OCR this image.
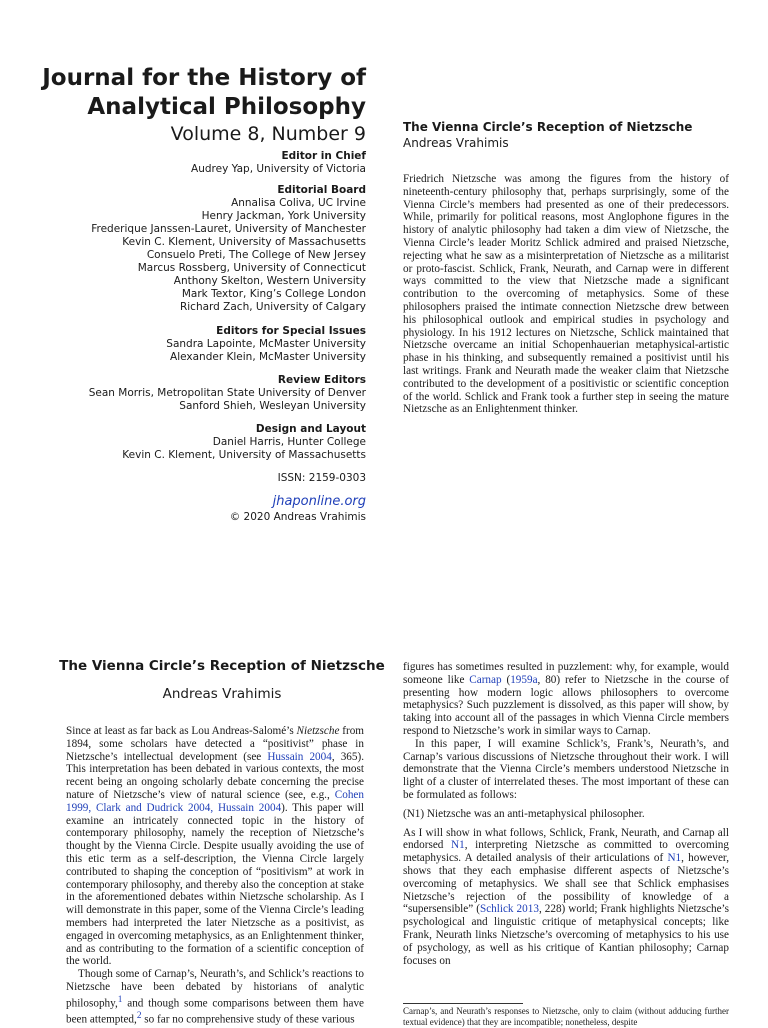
Journal for the History of
Analytical Philosophy
Volume 8, Number 9
Editor in Chief
Audrey Yap, University of Victoria
Editorial Board
Annalisa Coliva, UC Irvine
Henry Jackman, York University
Frederique Janssen-Lauret, University of Manchester
Kevin C. Klement, University of Massachusetts
Consuelo Preti, The College of New Jersey
Marcus Rossberg, University of Connecticut
Anthony Skelton, Western University
Mark Textor, King’s College London
Richard Zach, University of Calgary
Editors for Special Issues
Sandra Lapointe, McMaster University
Alexander Klein, McMaster University
Review Editors
Sean Morris, Metropolitan State University of Denver
Sanford Shieh, Wesleyan University
Design and Layout
Daniel Harris, Hunter College
Kevin C. Klement, University of Massachusetts
ISSN: 2159-0303
jhaponline.org
© 2020 Andreas Vrahimis
The Vienna Circle’s Reception of Nietzsche
Andreas Vrahimis
Friedrich Nietzsche was among the figures from the history of nineteenth-century philosophy that, perhaps surprisingly, some of the Vienna Circle’s members had presented as one of their predecessors. While, primarily for political reasons, most Anglophone figures in the history of analytic philosophy had taken a dim view of Nietzsche, the Vienna Circle’s leader Moritz Schlick admired and praised Nietzsche, rejecting what he saw as a misinterpretation of Nietzsche as a militarist or proto-fascist. Schlick, Frank, Neurath, and Carnap were in different ways committed to the view that Nietzsche made a significant contribution to the overcoming of metaphysics. Some of these philosophers praised the intimate connection Nietzsche drew between his philosophical outlook and empirical studies in psychology and physiology. In his 1912 lectures on Nietzsche, Schlick maintained that Nietzsche overcame an initial Schopenhauerian metaphysical-artistic phase in his thinking, and subsequently remained a positivist until his last writings. Frank and Neurath made the weaker claim that Nietzsche contributed to the development of a positivistic or scientific conception of the world. Schlick and Frank took a further step in seeing the mature Nietzsche as an Enlightenment thinker.
The Vienna Circle’s Reception of Nietzsche
Andreas Vrahimis

Since at least as far back as Lou Andreas-Salomé’s Nietzsche from 1894, some scholars have detected a “positivist” phase in Nietzsche’s intellectual development (see Hussain 2004, 365). This interpretation has been debated in various contexts, the most recent being an ongoing scholarly debate concerning the precise nature of Nietzsche’s view of natural science (see, e.g., Cohen 1999, Clark and Dudrick 2004, Hussain 2004). This paper will examine an intricately connected topic in the history of contemporary philosophy, namely the reception of Nietzsche’s thought by the Vienna Circle. Despite usually avoiding the use of this etic term as a self-description, the Vienna Circle largely contributed to shaping the conception of “positivism” at work in contemporary philosophy, and thereby also the conception at stake in the aforementioned debates within Nietzsche scholarship. As I will demonstrate in this paper, some of the Vienna Circle’s leading members had interpreted the later Nietzsche as a positivist, as engaged in overcoming metaphysics, as an Enlightenment thinker, and as contributing to the formation of a scientific conception of the world.

Though some of Carnap’s, Neurath’s, and Schlick’s reactions to Nietzsche have been debated by historians of analytic philosophy,$^1$ and though some comparisons between them have been attempted,$^2$ so far no comprehensive study of these various

figures has sometimes resulted in puzzlement: why, for example, would someone like Carnap (1959a, 80) refer to Nietzsche in the course of presenting how modern logic allows philosophers to overcome metaphysics? Such puzzlement is dissolved, as this paper will show, by taking into account all of the passages in which Vienna Circle members respond to Nietzsche’s work in similar ways to Carnap.

In this paper, I will examine Schlick’s, Frank’s, Neurath’s, and Carnap’s various discussions of Nietzsche throughout their work. I will demonstrate that the Vienna Circle’s members understood Nietzsche in light of a cluster of interrelated theses. The most important of these can be formulated as follows:

(N1) Nietzsche was an anti-metaphysical philosopher.

As I will show in what follows, Schlick, Frank, Neurath, and Carnap all endorsed N1, interpreting Nietzsche as committed to overcoming metaphysics. A detailed analysis of their articulations of N1, however, shows that they each emphasise different aspects of Nietzsche’s overcoming of metaphysics. We shall see that Schlick emphasises Nietzsche’s rejection of the possibility of knowledge of a “supersensible” (Schlick 2013, 228) world; Frank highlights Nietzsche’s psychological and linguistic critique of metaphysical concepts; like Frank, Neurath links Nietzsche’s overcoming of metaphysics to his use of psychology, as well as his critique of Kantian philosophy; Carnap focuses on

Carnap’s, and Neurath’s responses to Nietzsche, only to claim (without adducing further textual evidence) that they are incompatible; nonetheless, despite
